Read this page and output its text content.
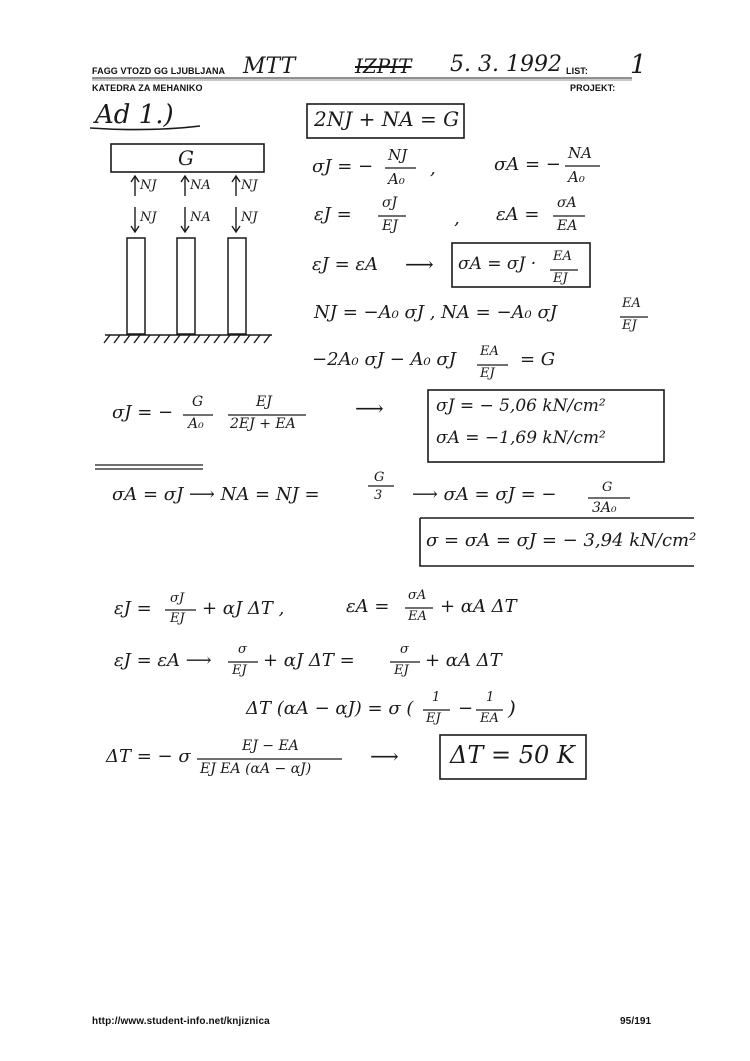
FAGG VTOZD GG LJUBLJANA
KATEDRA ZA MEHANIKO
MTT	IZPIT 5. 3. 1992 LIST: 1
PROJEKT:
Ad 1.)
G
NJ	NA NJ
NJ	NA NJ
2NJ + NA = G
σJ = −
NJ
A₀ ,	σA = −
NA
A₀
εJ =
σJ
EJ	, εA =
σA
EA
εJ = εA ⟶ σA = σJ · EA
EJ
NJ = −A₀ σJ , NA = −A₀ σJ	EA
EJ
−2A₀ σJ − A₀ σJ EA
EJ
= G
σJ = − G
A₀
EJ
2EJ + EA
⟶	σJ = − 5,06 kN/cm²
σA = −1,69 kN/cm²
σA = σJ ⟶ NA = NJ =
G
3 ⟶ σA = σJ = −	G
3A₀
σ = σA = σJ = − 3,94 kN/cm²
εJ = σJ
EJ + αJ ΔT ,	εA =
σA
EA + αA ΔT
εJ = εA ⟶
σ
EJ + αJ ΔT =
σ
EJ + αA ΔT
ΔT (αA − αJ) = σ (
1
EJ −
1
EA )
ΔT = − σ	EJ − EA
EJ EA (αA − αJ)
⟶ ΔT = 50 K
http://www.student-info.net/knjiznica	95/191
